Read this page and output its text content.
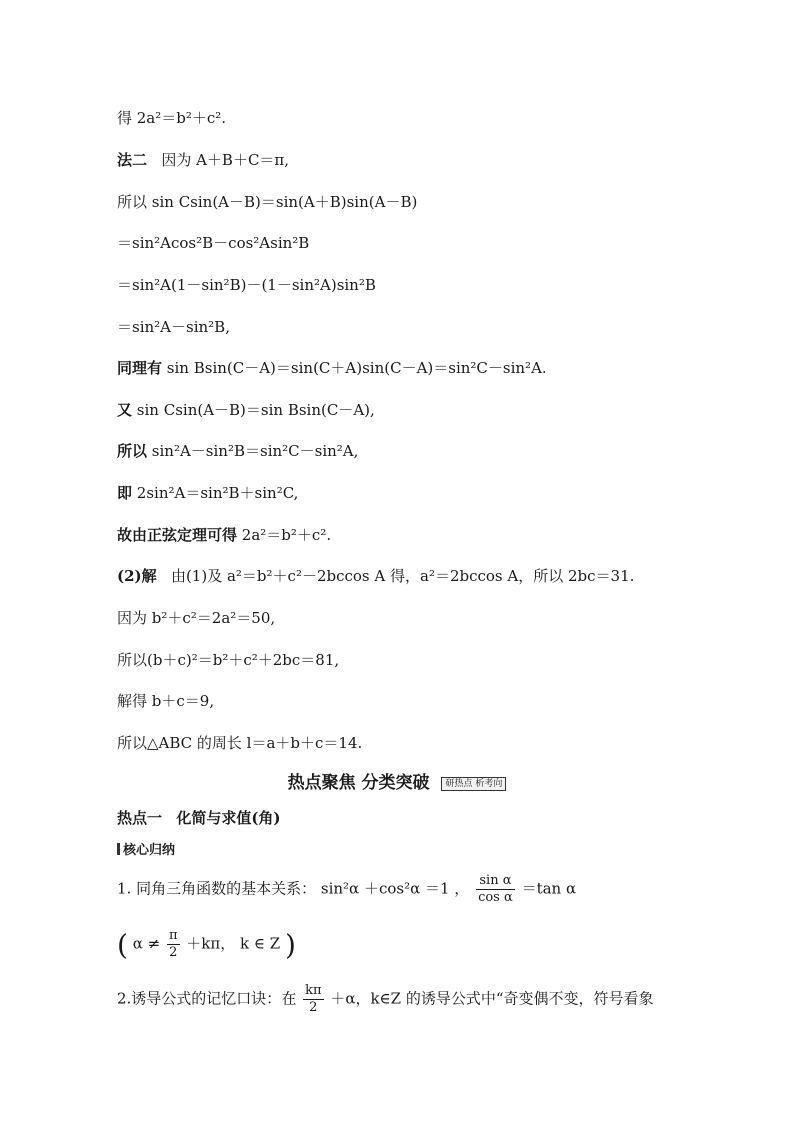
得 2a²＝b²＋c².
法二 因为 A＋B＋C＝π,
所以 sin Csin(A－B)＝sin(A＋B)sin(A－B)
＝sin²Acos²B－cos²Asin²B
＝sin²A(1－sin²B)－(1－sin²A)sin²B
＝sin²A－sin²B,
同理有 sin Bsin(C－A)＝sin(C＋A)sin(C－A)＝sin²C－sin²A.
又 sin Csin(A－B)＝sin Bsin(C－A),
所以 sin²A－sin²B＝sin²C－sin²A,
即 2sin²A＝sin²B＋sin²C,
故由正弦定理可得 2a²＝b²＋c².
(2)解 由(1)及 a²＝b²＋c²－2bccos A 得，a²＝2bccos A，所以 2bc＝31.
因为 b²＋c²＝2a²＝50,
所以(b＋c)²＝b²＋c²＋2bc＝81,
解得 b＋c＝9,
所以△ABC 的周长 l＝a＋b＋c＝14.
热点聚焦 分类突破 研热点 析考向
热点一 化简与求值(角)
核心归纳
1. 同角三角函数的基本关系： sin²α ＋cos²α ＝1 ， $\frac{\text{sin α}}{\text{cos α}} =\tan$ α
( $\alpha \ne \frac{\pi}{2} +k\pi$， k ∈ Z )
2.诱导公式的记忆口诀：在 $\frac{k\pi}{2} +\alpha$，k∈Z 的诱导公式中“奇变偶不变，符号看象
